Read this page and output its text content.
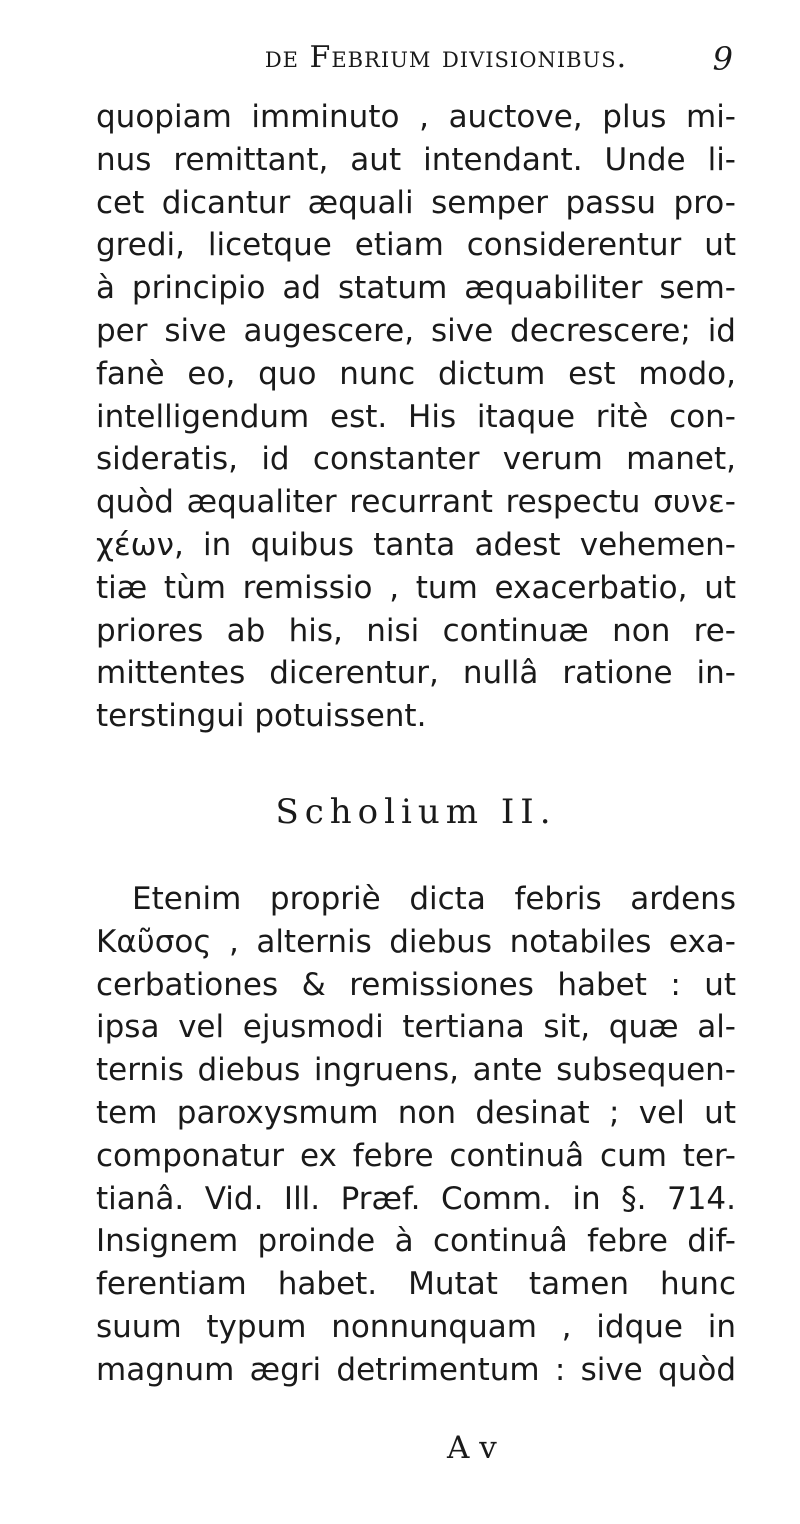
de Febrium divisionibus.	9
quopiam imminuto , auctove, plus mi-
nus remittant, aut intendant. Unde li-
cet dicantur æquali semper passu pro-
gredi, licetque etiam considerentur ut
à principio ad statum æquabiliter sem-
per sive augescere, sive decrescere; id
fanè eo, quo nunc dictum est modo,
intelligendum est. His itaque ritè con-
sideratis, id constanter verum manet,
quòd æqualiter recurrant respectu συνε-
χέων, in quibus tanta adest vehemen-
tiæ tùm remissio , tum exacerbatio, ut
priores ab his, nisi continuæ non re-
mittentes dicerentur, nullâ ratione in-
terstingui potuissent.
Scholium II.
Etenim propriè dicta febris ardens
Καῦσος , alternis diebus notabiles exa-
cerbationes & remissiones habet : ut
ipsa vel ejusmodi tertiana sit, quæ al-
ternis diebus ingruens, ante subsequen-
tem paroxysmum non desinat ; vel ut
componatur ex febre continuâ cum ter-
tianâ. Vid. Ill. Præf. Comm. in §. 714.
Insignem proinde à continuâ febre dif-
ferentiam habet. Mutat tamen hunc
suum typum nonnunquam , idque in
magnum ægri detrimentum : sive quòd
A v
